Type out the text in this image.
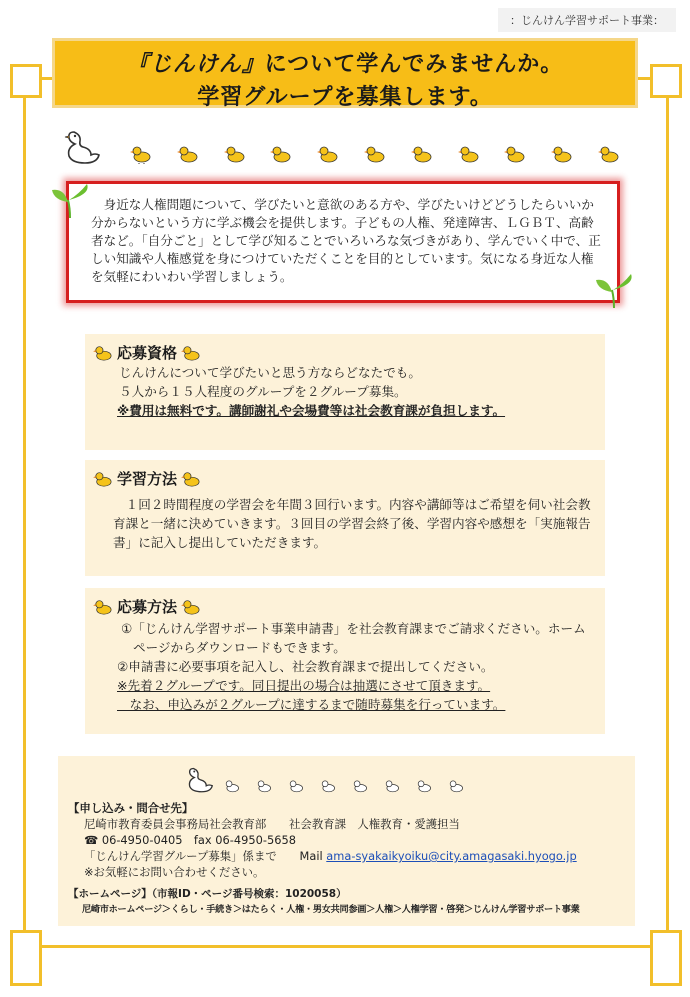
：じんけん学習サポート事業：
『じんけん』について学んでみませんか。
学習グループを募集します。
　身近な人権問題について、学びたいと意欲のある方や、学びたいけどどうしたらいいか分からないという方に学ぶ機会を提供します。子どもの人権、発達障害、ＬＧＢＴ、高齢者など。「自分ごと」として学び知ることでいろいろな気づきがあり、学んでいく中で、正しい知識や人権感覚を身につけていただくことを目的としています。気になる身近な人権を気軽にわいわい学習しましょう。
応募資格

じんけんについて学びたいと思う方ならどなたでも。

５人から１５人程度のグループを２グループ募集。

※費用は無料です。講師謝礼や会場費等は社会教育課が負担します。

学習方法

　１回２時間程度の学習会を年間３回行います。内容や講師等はご希望を伺い社会教育課と一緒に決めていきます。３回目の学習会終了後、学習内容や感想を「実施報告書」に記入し提出していただきます。

応募方法

①「じんけん学習サポート事業申請書」を社会教育課までご請求ください。ホームページからダウンロードもできます。

②申請書に必要事項を記入し、社会教育課まで提出してください。

※先着２グループです。同日提出の場合は抽選にさせて頂きます。

　なお、申込みが２グループに達するまで随時募集を行っています。

【申し込み・問合せ先】
尼崎市教育委員会事務局社会教育部　　社会教育課　人権教育・愛護担当
☎ 06-4950-0405　fax 06-4950-5658
「じんけん学習グループ募集」係まで　　Mail ama-syakaikyoiku@city.amagasaki.hyogo.jp
※お気軽にお問い合わせください。
【ホームページ】（市報ID・ページ番号検索：1020058）
尼崎市ホームページ＞くらし・手続き＞はたらく・人権・男女共同参画＞人権＞人権学習・啓発＞じんけん学習サポート事業
